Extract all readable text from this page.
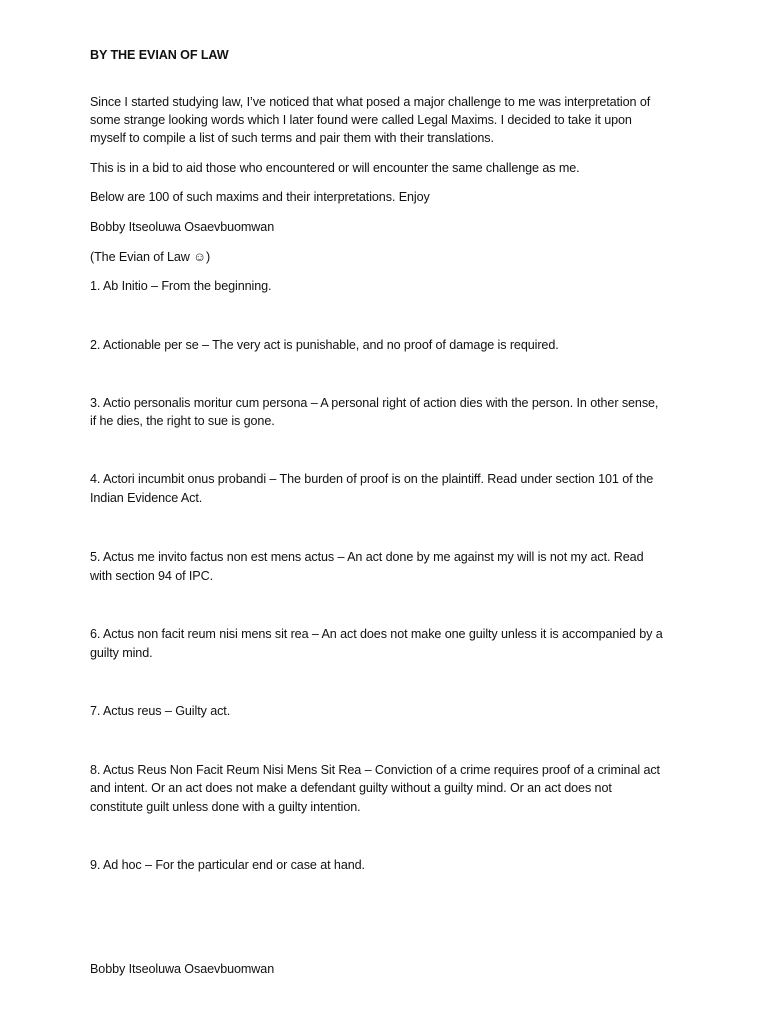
BY THE EVIAN OF LAW
Since I started studying law, I’ve noticed that what posed a major challenge to me was interpretation of
some strange looking words which I later found were called Legal Maxims. I decided to take it upon
myself to compile a list of such terms and pair them with their translations.
This is in a bid to aid those who encountered or will encounter the same challenge as me.
Below are 100 of such maxims and their interpretations. Enjoy
Bobby Itseoluwa Osaevbuomwan
(The Evian of Law ☺)
1. Ab Initio – From the beginning.
2. Actionable per se – The very act is punishable, and no proof of damage is required.
3. Actio personalis moritur cum persona – A personal right of action dies with the person. In other sense,
if he dies, the right to sue is gone.
4. Actori incumbit onus probandi – The burden of proof is on the plaintiff. Read under section 101 of the
Indian Evidence Act.
5. Actus me invito factus non est mens actus – An act done by me against my will is not my act. Read
with section 94 of IPC.
6. Actus non facit reum nisi mens sit rea – An act does not make one guilty unless it is accompanied by a
guilty mind.
7. Actus reus – Guilty act.
8. Actus Reus Non Facit Reum Nisi Mens Sit Rea – Conviction of a crime requires proof of a criminal act
and intent. Or an act does not make a defendant guilty without a guilty mind. Or an act does not
constitute guilt unless done with a guilty intention.
9. Ad hoc – For the particular end or case at hand.
Bobby Itseoluwa Osaevbuomwan
